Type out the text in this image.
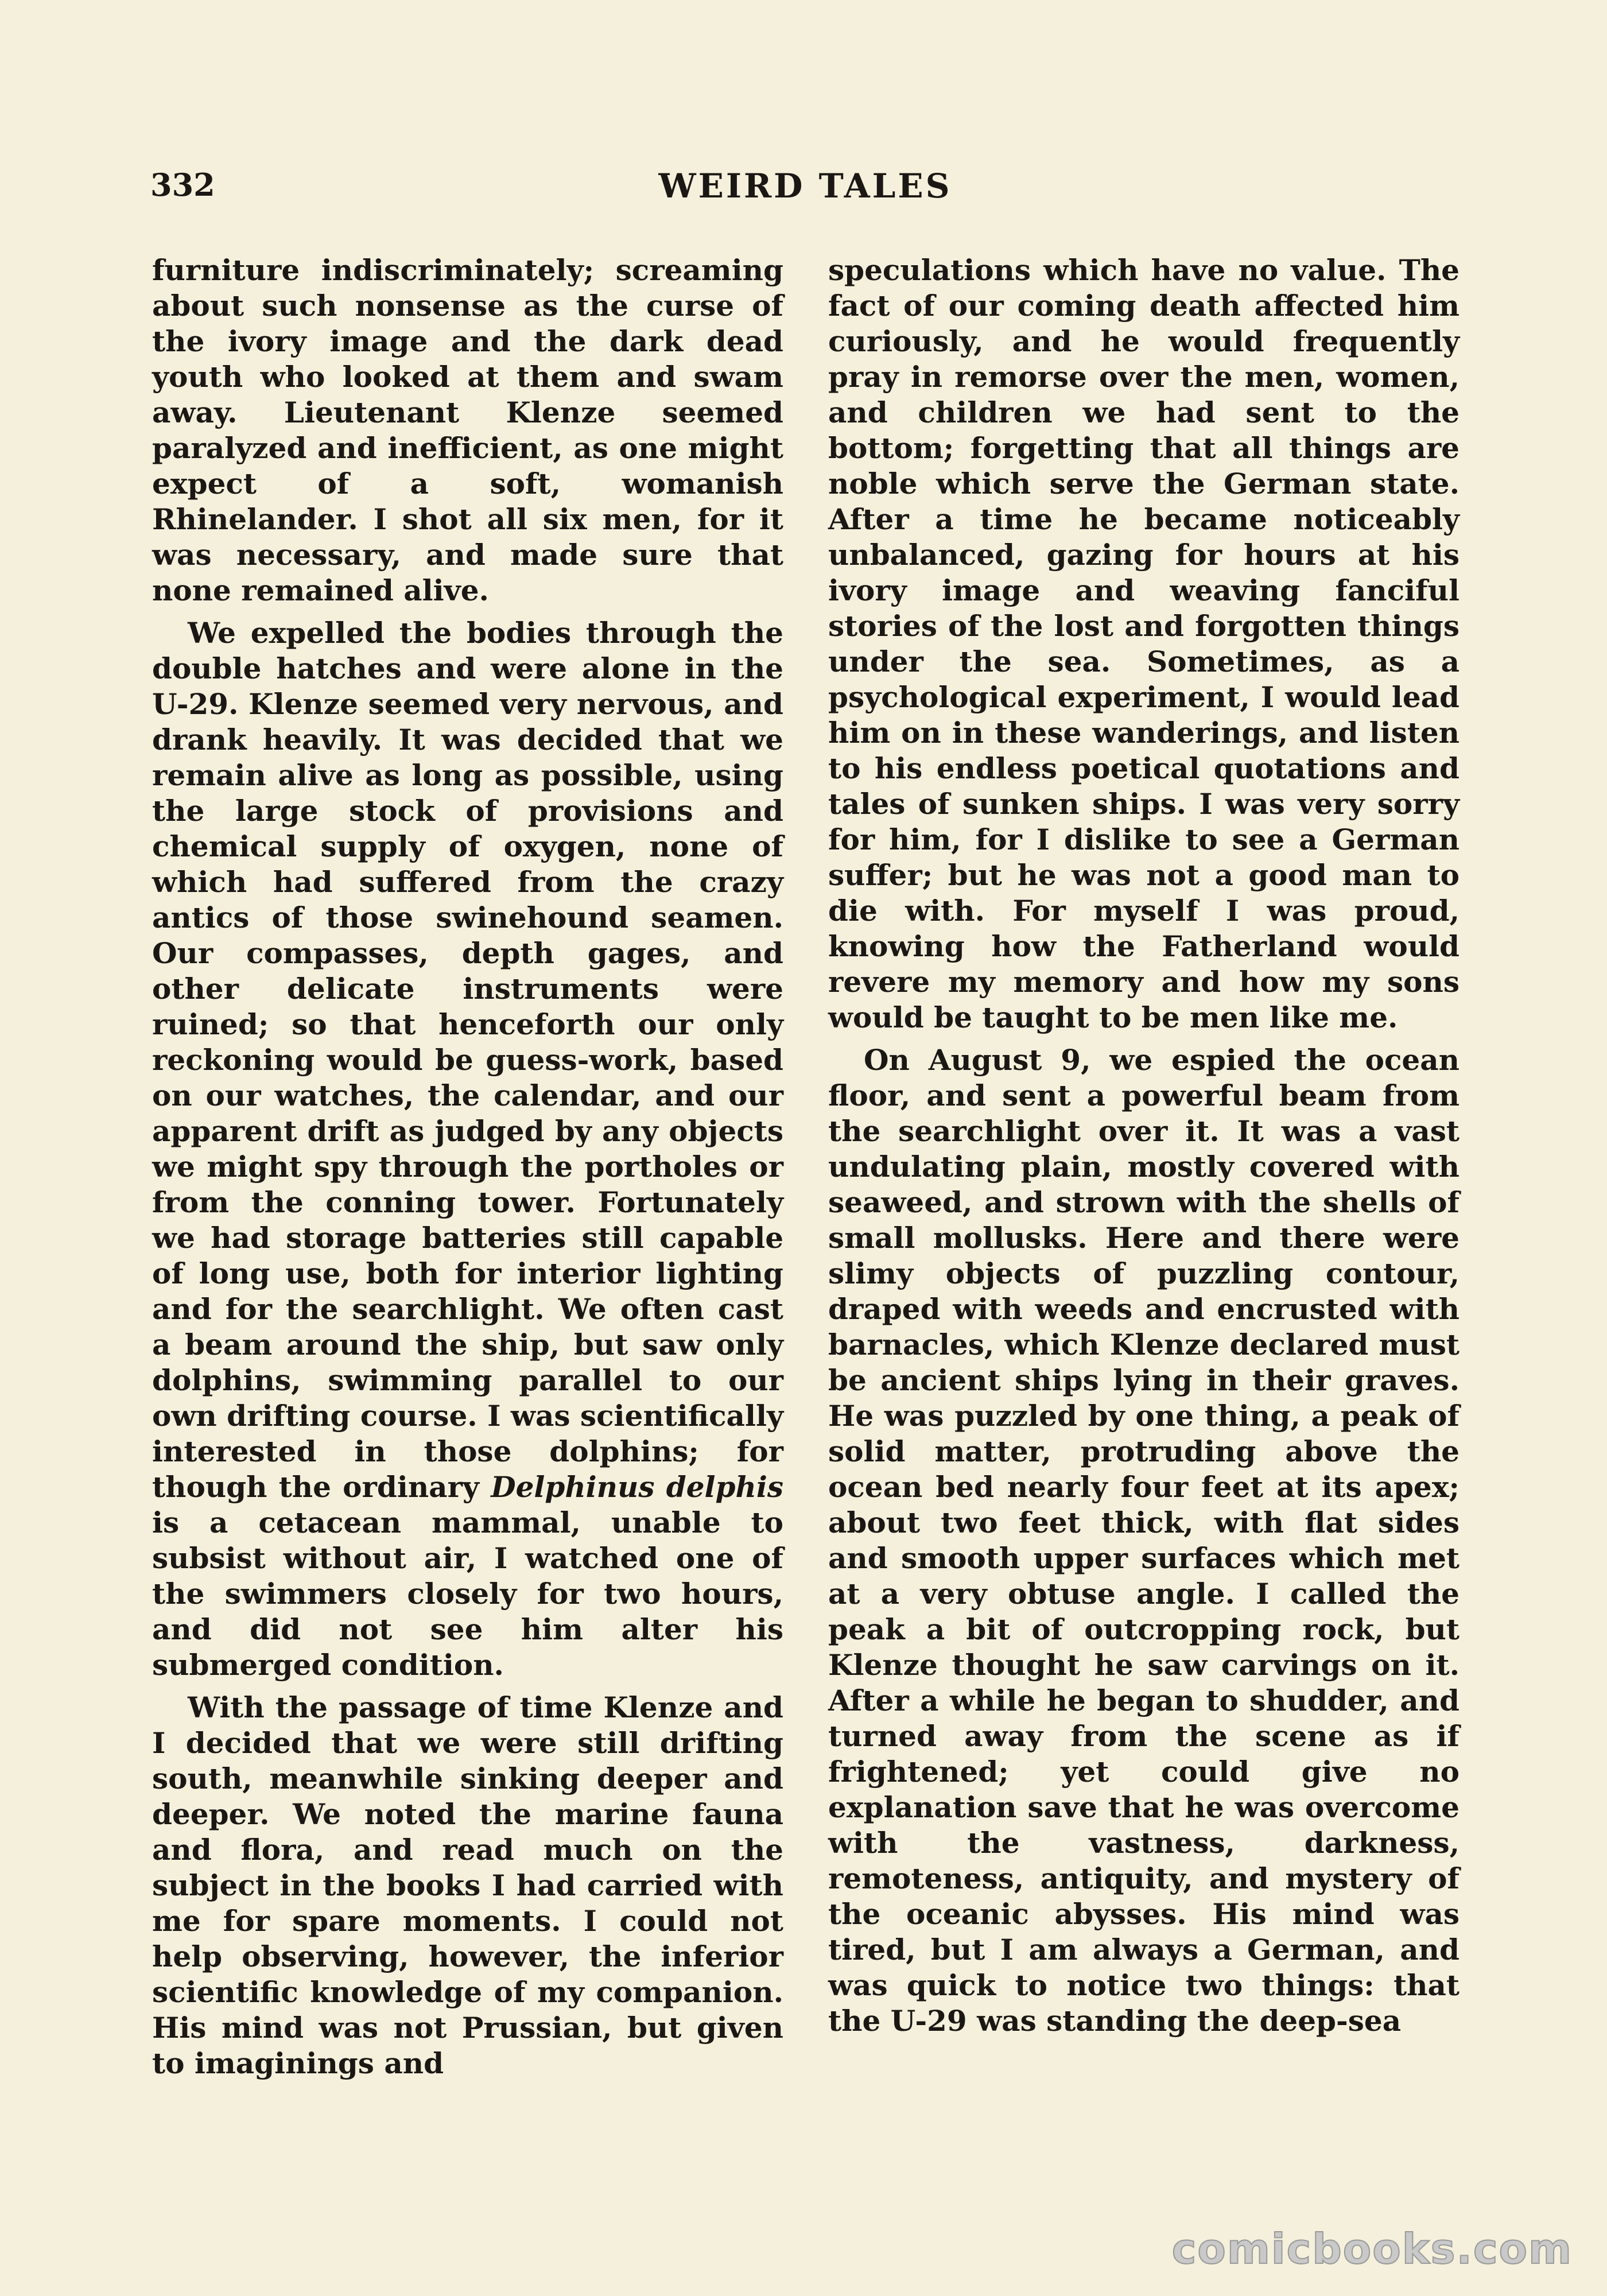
332	WEIRD TALES

furniture indiscriminately; screaming about such nonsense as the curse of the ivory image and the dark dead youth who looked at them and swam away. Lieutenant Klenze seemed paralyzed and inefficient, as one might expect of a soft, womanish Rhinelander. I shot all six men, for it was necessary, and made sure that none remained alive.

We expelled the bodies through the double hatches and were alone in the U-29. Klenze seemed very nervous, and drank heavily. It was decided that we remain alive as long as possible, using the large stock of provisions and chemical supply of oxygen, none of which had suffered from the crazy antics of those swinehound seamen. Our compasses, depth gages, and other delicate instruments were ruined; so that henceforth our only reckoning would be guess-work, based on our watches, the calendar, and our apparent drift as judged by any objects we might spy through the portholes or from the conning tower. Fortunately we had storage batteries still capable of long use, both for interior lighting and for the searchlight. We often cast a beam around the ship, but saw only dolphins, swimming parallel to our own drifting course. I was scientifically interested in those dolphins; for though the ordinary Delphinus delphis is a cetacean mammal, unable to subsist without air, I watched one of the swimmers closely for two hours, and did not see him alter his submerged condition.

With the passage of time Klenze and I decided that we were still drifting south, meanwhile sinking deeper and deeper. We noted the marine fauna and flora, and read much on the subject in the books I had carried with me for spare moments. I could not help observing, however, the inferior scientific knowledge of my companion. His mind was not Prussian, but given to imaginings and

speculations which have no value. The fact of our coming death affected him curiously, and he would frequently pray in remorse over the men, women, and children we had sent to the bottom; forgetting that all things are noble which serve the German state. After a time he became noticeably unbalanced, gazing for hours at his ivory image and weaving fanciful stories of the lost and forgotten things under the sea. Sometimes, as a psychological experiment, I would lead him on in these wanderings, and listen to his endless poetical quotations and tales of sunken ships. I was very sorry for him, for I dislike to see a German suffer; but he was not a good man to die with. For myself I was proud, knowing how the Fatherland would revere my memory and how my sons would be taught to be men like me.

On August 9, we espied the ocean floor, and sent a powerful beam from the searchlight over it. It was a vast undulating plain, mostly covered with seaweed, and strown with the shells of small mollusks. Here and there were slimy objects of puzzling contour, draped with weeds and encrusted with barnacles, which Klenze declared must be ancient ships lying in their graves. He was puzzled by one thing, a peak of solid matter, protruding above the ocean bed nearly four feet at its apex; about two feet thick, with flat sides and smooth upper surfaces which met at a very obtuse angle. I called the peak a bit of outcropping rock, but Klenze thought he saw carvings on it. After a while he began to shudder, and turned away from the scene as if frightened; yet could give no explanation save that he was overcome with the vastness, darkness, remoteness, antiquity, and mystery of the oceanic abysses. His mind was tired, but I am always a German, and was quick to notice two things: that the U-29 was standing the deep-sea

comicbooks.com
